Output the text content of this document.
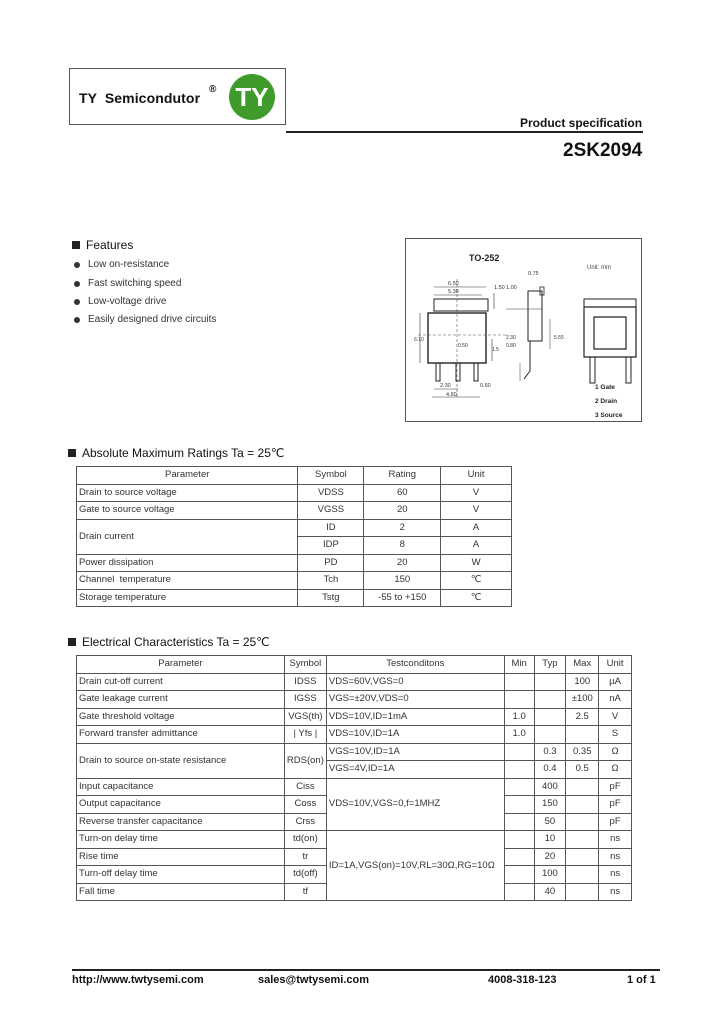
TY  Semicondutor
® TY
Product specification
2SK2094
Features
Low on-resistance
Fast switching speed
Low-voltage drive
Easily designed drive circuits
TO-252
Unit: mm
6.50
5.30
1.50
2.30	0.60
4.60
0.50
6.10
1.5
1.00
0.75
2.30
0.80
5.55
1 Gate
2 Drain
3 Source
Absolute Maximum Ratings Ta = 25℃
Parameter	Symbol	Rating	Unit
Drain to source voltage	VDSS	60	V
Gate to source voltage	VGSS	20	V
Drain current	ID	2	A
	IDP	8	A
Power dissipation	PD	20	W
Channel  temperature	Tch	150	℃
Storage temperature	Tstg	-55 to +150	℃
Electrical Characteristics Ta = 25℃
Parameter	Symbol	Testconditons	Min	Typ	Max	Unit
Drain cut-off current	IDSS	VDS=60V,VGS=0			100	µA
Gate leakage current	IGSS	VGS=±20V,VDS=0			±100	nA
Gate threshold voltage	VGS(th)	VDS=10V,ID=1mA	1.0		2.5	V
Forward transfer admittance	| Yfs |	VDS=10V,ID=1A	1.0			S
Drain to source on-state resistance	RDS(on)	VGS=10V,ID=1A		0.3	0.35	Ω
		VGS=4V,ID=1A		0.4	0.5	Ω
Input capacitance	Ciss	VDS=10V,VGS=0,f=1MHZ		400		pF
Output capacitance	Coss			150		pF
Reverse transfer capacitance	Crss			50		pF
Turn-on delay time	td(on)	ID=1A,VGS(on)=10V,RL=30Ω,RG=10Ω		10		ns
Rise time	tr			20		ns
Turn-off delay time	td(off)			100		ns
Fall time	tf			40		ns
http://www.twtysemi.com	sales@twtysemi.com	4008-318-123	1 of 1
